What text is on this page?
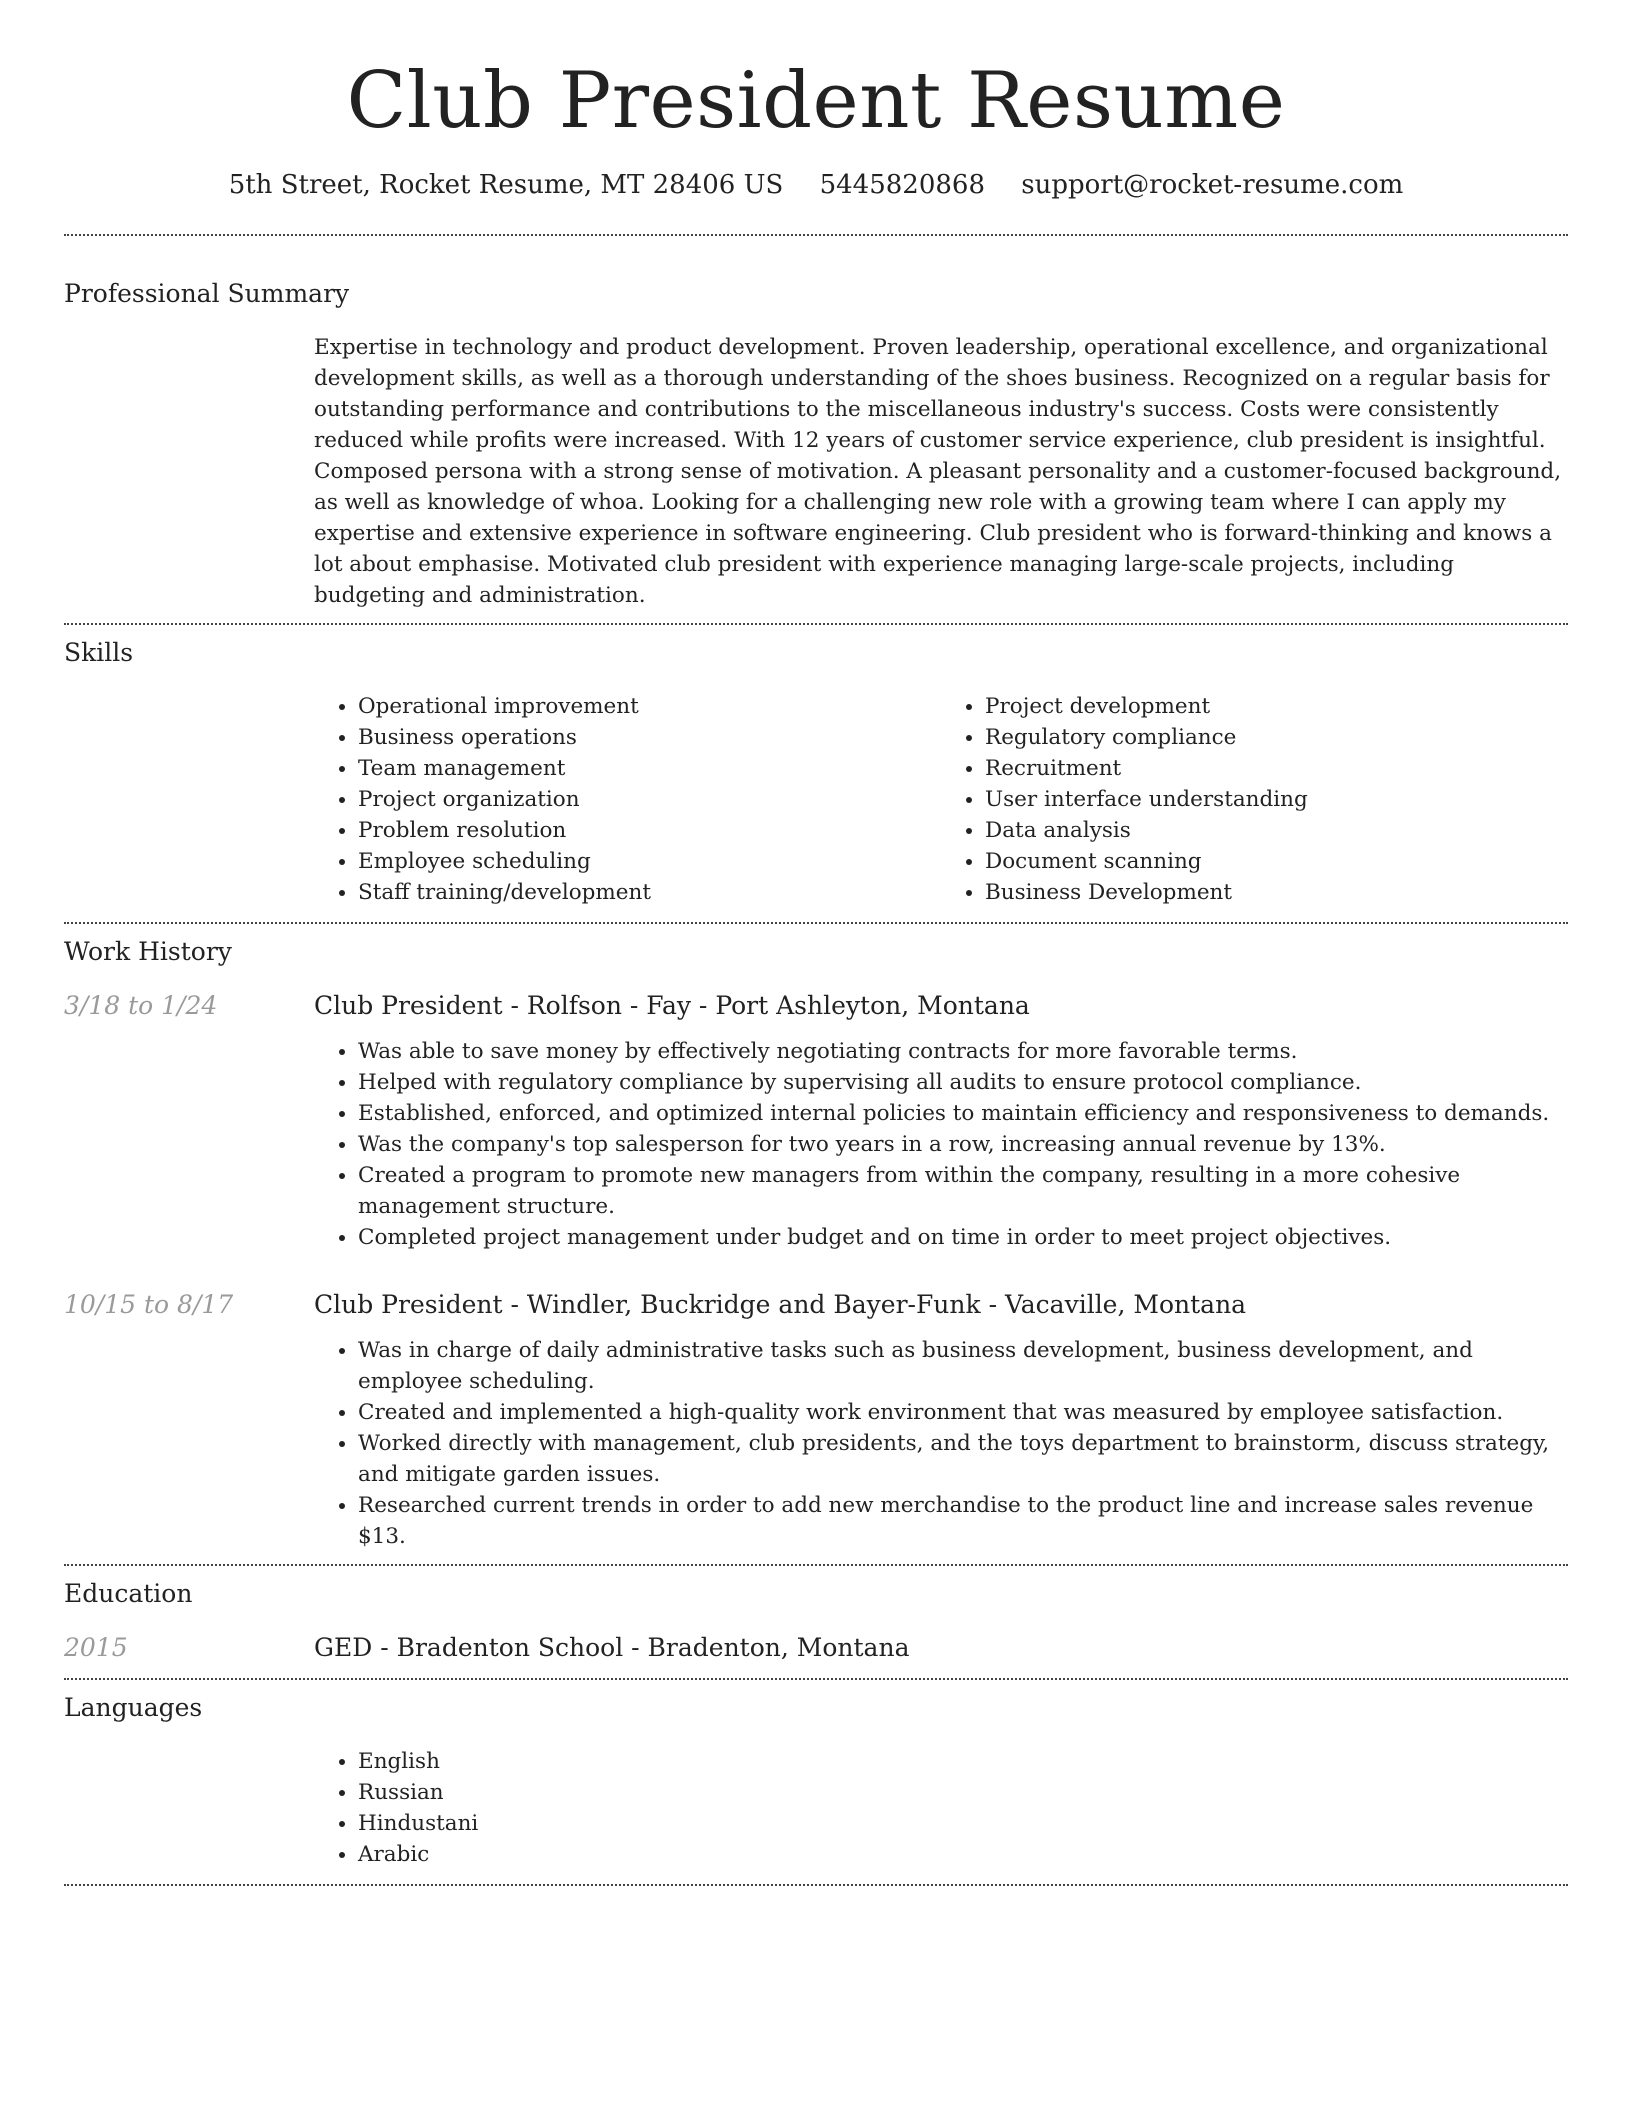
Club President Resume
5th Street, Rocket Resume, MT 28406 US 5445820868 support@rocket-resume.com
Professional Summary

Expertise in technology and product development. Proven leadership, operational excellence, and organizational development skills, as well as a thorough understanding of the shoes business. Recognized on a regular basis for outstanding performance and contributions to the miscellaneous industry's success. Costs were consistently reduced while profits were increased. With 12 years of customer service experience, club president is insightful. Composed persona with a strong sense of motivation. A pleasant personality and a customer-focused background, as well as knowledge of whoa. Looking for a challenging new role with a growing team where I can apply my expertise and extensive experience in software engineering. Club president who is forward-thinking and knows a lot about emphasise. Motivated club president with experience managing large-scale projects, including budgeting and administration.

Skills
• Operational improvement
• Business operations
• Team management
• Project organization
• Problem resolution
• Employee scheduling
• Staff training/development
• Project development
• Regulatory compliance
• Recruitment
• User interface understanding
• Data analysis
• Document scanning
• Business Development
Work History
3/18 to 1/24	Club President - Rolfson - Fay - Port Ashleyton, Montana
• Was able to save money by effectively negotiating contracts for more favorable terms.
• Helped with regulatory compliance by supervising all audits to ensure protocol compliance.
• Established, enforced, and optimized internal policies to maintain efficiency and responsiveness to demands.
• Was the company's top salesperson for two years in a row, increasing annual revenue by 13%.
• Created a program to promote new managers from within the company, resulting in a more cohesive management structure.
• Completed project management under budget and on time in order to meet project objectives.
10/15 to 8/17	Club President - Windler, Buckridge and Bayer-Funk - Vacaville, Montana
• Was in charge of daily administrative tasks such as business development, business development, and employee scheduling.
• Created and implemented a high-quality work environment that was measured by employee satisfaction.
• Worked directly with management, club presidents, and the toys department to brainstorm, discuss strategy, and mitigate garden issues.
• Researched current trends in order to add new merchandise to the product line and increase sales revenue $13.
Education
2015	GED - Bradenton School - Bradenton, Montana
Languages
• English
• Russian
• Hindustani
• Arabic
